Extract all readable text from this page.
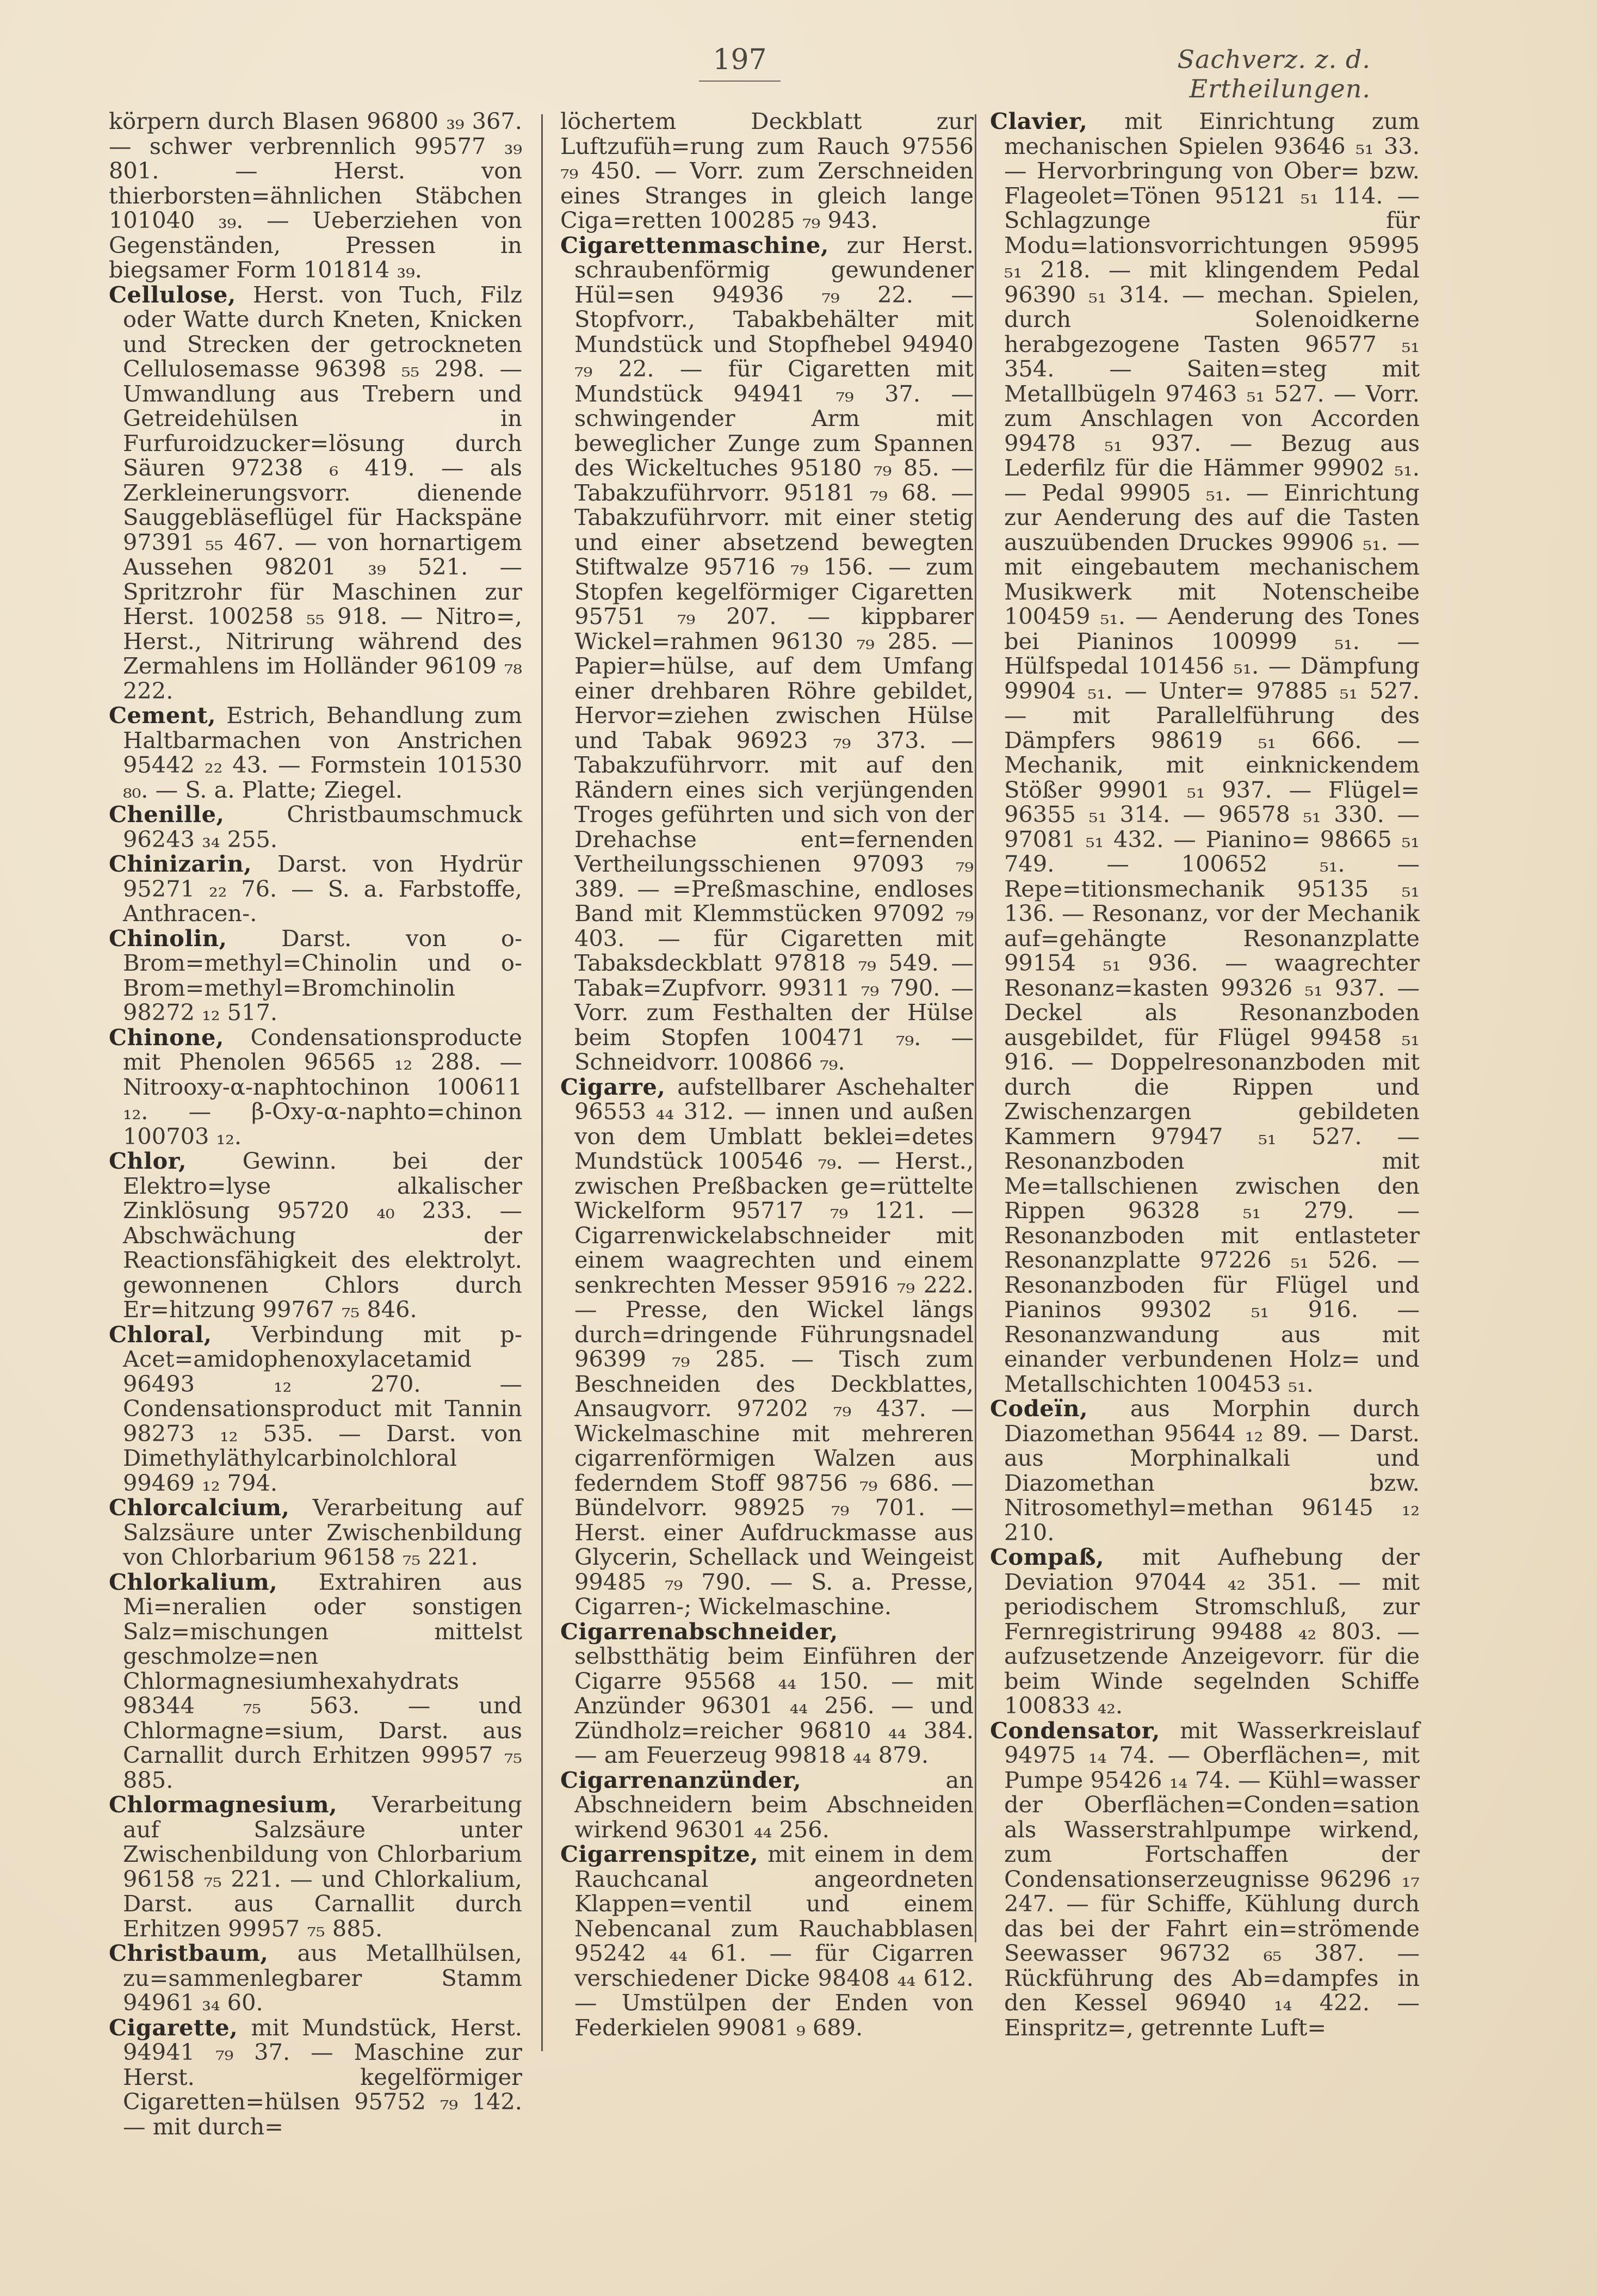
197	Sachverz. z. d. Ertheilungen.

körpern durch Blasen 96800 ₃₉ 367. — schwer verbrennlich 99577 ₃₉ 801. — Herst. von thierborsten=ähnlichen Stäbchen 101040 ₃₉. — Ueberziehen von Gegenständen, Pressen in biegsamer Form 101814 ₃₉.

Cellulose, Herst. von Tuch, Filz oder Watte durch Kneten, Knicken und Strecken der getrockneten Cellulosemasse 96398 ₅₅ 298. — Umwandlung aus Trebern und Getreidehülsen in Furfuroidzucker=lösung durch Säuren 97238 ₆ 419. — als Zerkleinerungsvorr. dienende Sauggebläseflügel für Hackspäne 97391 ₅₅ 467. — von hornartigem Aussehen 98201 ₃₉ 521. — Spritzrohr für Maschinen zur Herst. 100258 ₅₅ 918. — Nitro=, Herst., Nitrirung während des Zermahlens im Holländer 96109 ₇₈ 222.

Cement, Estrich, Behandlung zum Haltbarmachen von Anstrichen 95442 ₂₂ 43. — Formstein 101530 ₈₀. — S. a. Platte; Ziegel.

Chenille, Christbaumschmuck 96243 ₃₄ 255.

Chinizarin, Darst. von Hydrür 95271 ₂₂ 76. — S. a. Farbstoffe, Anthracen-.

Chinolin, Darst. von o-Brom=methyl=Chinolin und o-Brom=methyl=Bromchinolin 98272 ₁₂ 517.

Chinone, Condensationsproducte mit Phenolen 96565 ₁₂ 288. — Nitrooxy-α-naphtochinon 100611 ₁₂. — β-Oxy-α-naphto=chinon 100703 ₁₂.

Chlor, Gewinn. bei der Elektro=lyse alkalischer Zinklösung 95720 ₄₀ 233. — Abschwächung der Reactionsfähigkeit des elektrolyt. gewonnenen Chlors durch Er=hitzung 99767 ₇₅ 846.

Chloral, Verbindung mit p-Acet=amidophenoxylacetamid 96493 ₁₂ 270. — Condensationsproduct mit Tannin 98273 ₁₂ 535. — Darst. von Dimethyläthylcarbinolchloral 99469 ₁₂ 794.

Chlorcalcium, Verarbeitung auf Salzsäure unter Zwischenbildung von Chlorbarium 96158 ₇₅ 221.

Chlorkalium, Extrahiren aus Mi=neralien oder sonstigen Salz=mischungen mittelst geschmolze=nen Chlormagnesiumhexahydrats 98344 ₇₅ 563. — und Chlormagne=sium, Darst. aus Carnallit durch Erhitzen 99957 ₇₅ 885.

Chlormagnesium, Verarbeitung auf Salzsäure unter Zwischenbildung von Chlorbarium 96158 ₇₅ 221. — und Chlorkalium, Darst. aus Carnallit durch Erhitzen 99957 ₇₅ 885.

Christbaum, aus Metallhülsen, zu=sammenlegbarer Stamm 94961 ₃₄ 60.

Cigarette, mit Mundstück, Herst. 94941 ₇₉ 37. — Maschine zur Herst. kegelförmiger Cigaretten=hülsen 95752 ₇₉ 142. — mit durch=

löchertem Deckblatt zur Luftzufüh=rung zum Rauch 97556 ₇₉ 450. — Vorr. zum Zerschneiden eines Stranges in gleich lange Ciga=retten 100285 ₇₉ 943.

Cigarettenmaschine, zur Herst. schraubenförmig gewundener Hül=sen 94936 ₇₉ 22. — Stopfvorr., Tabakbehälter mit Mundstück und Stopfhebel 94940 ₇₉ 22. — für Cigaretten mit Mundstück 94941 ₇₉ 37. — schwingender Arm mit beweglicher Zunge zum Spannen des Wickeltuches 95180 ₇₉ 85. — Tabakzuführvorr. 95181 ₇₉ 68. — Tabakzuführvorr. mit einer stetig und einer absetzend bewegten Stiftwalze 95716 ₇₉ 156. — zum Stopfen kegelförmiger Cigaretten 95751 ₇₉ 207. — kippbarer Wickel=rahmen 96130 ₇₉ 285. — Papier=hülse, auf dem Umfang einer drehbaren Röhre gebildet, Hervor=ziehen zwischen Hülse und Tabak 96923 ₇₉ 373. — Tabakzuführvorr. mit auf den Rändern eines sich verjüngenden Troges geführten und sich von der Drehachse ent=fernenden Vertheilungsschienen 97093 ₇₉ 389. — =Preßmaschine, endloses Band mit Klemmstücken 97092 ₇₉ 403. — für Cigaretten mit Tabaksdeckblatt 97818 ₇₉ 549. — Tabak=Zupfvorr. 99311 ₇₉ 790. — Vorr. zum Festhalten der Hülse beim Stopfen 100471 ₇₉. — Schneidvorr. 100866 ₇₉.

Cigarre, aufstellbarer Aschehalter 96553 ₄₄ 312. — innen und außen von dem Umblatt beklei=detes Mundstück 100546 ₇₉. — Herst., zwischen Preßbacken ge=rüttelte Wickelform 95717 ₇₉ 121. — Cigarrenwickelabschneider mit einem waagrechten und einem senkrechten Messer 95916 ₇₉ 222. — Presse, den Wickel längs durch=dringende Führungsnadel 96399 ₇₉ 285. — Tisch zum Beschneiden des Deckblattes, Ansaugvorr. 97202 ₇₉ 437. — Wickelmaschine mit mehreren cigarrenförmigen Walzen aus federndem Stoff 98756 ₇₉ 686. — Bündelvorr. 98925 ₇₉ 701. — Herst. einer Aufdruckmasse aus Glycerin, Schellack und Weingeist 99485 ₇₉ 790. — S. a. Presse, Cigarren-; Wickelmaschine.

Cigarrenabschneider, selbstthätig beim Einführen der Cigarre 95568 ₄₄ 150. — mit Anzünder 96301 ₄₄ 256. — und Zündholz=reicher 96810 ₄₄ 384. — am Feuerzeug 99818 ₄₄ 879.

Cigarrenanzünder, an Abschneidern beim Abschneiden wirkend 96301 ₄₄ 256.

Cigarrenspitze, mit einem in dem Rauchcanal angeordneten Klappen=ventil und einem Nebencanal zum Rauchabblasen 95242 ₄₄ 61. — für Cigarren verschiedener Dicke 98408 ₄₄ 612. — Umstülpen der Enden von Federkielen 99081 ₉ 689.

Clavier, mit Einrichtung zum mechanischen Spielen 93646 ₅₁ 33. — Hervorbringung von Ober= bzw. Flageolet=Tönen 95121 ₅₁ 114. — Schlagzunge für Modu=lationsvorrichtungen 95995 ₅₁ 218. — mit klingendem Pedal 96390 ₅₁ 314. — mechan. Spielen, durch Solenoidkerne herabgezogene Tasten 96577 ₅₁ 354. — Saiten=steg mit Metallbügeln 97463 ₅₁ 527. — Vorr. zum Anschlagen von Accorden 99478 ₅₁ 937. — Bezug aus Lederfilz für die Hämmer 99902 ₅₁. — Pedal 99905 ₅₁. — Einrichtung zur Aenderung des auf die Tasten auszuübenden Druckes 99906 ₅₁. — mit eingebautem mechanischem Musikwerk mit Notenscheibe 100459 ₅₁. — Aenderung des Tones bei Pianinos 100999 ₅₁. — Hülfspedal 101456 ₅₁. — Dämpfung 99904 ₅₁. — Unter= 97885 ₅₁ 527. — mit Parallelführung des Dämpfers 98619 ₅₁ 666. — Mechanik, mit einknickendem Stößer 99901 ₅₁ 937. — Flügel= 96355 ₅₁ 314. — 96578 ₅₁ 330. — 97081 ₅₁ 432. — Pianino= 98665 ₅₁ 749. — 100652 ₅₁. — Repe=titionsmechanik 95135 ₅₁ 136. — Resonanz, vor der Mechanik auf=gehängte Resonanzplatte 99154 ₅₁ 936. — waagrechter Resonanz=kasten 99326 ₅₁ 937. — Deckel als Resonanzboden ausgebildet, für Flügel 99458 ₅₁ 916. — Doppelresonanzboden mit durch die Rippen und Zwischenzargen gebildeten Kammern 97947 ₅₁ 527. — Resonanzboden mit Me=tallschienen zwischen den Rippen 96328 ₅₁ 279. — Resonanzboden mit entlasteter Resonanzplatte 97226 ₅₁ 526. — Resonanzboden für Flügel und Pianinos 99302 ₅₁ 916. — Resonanzwandung aus mit einander verbundenen Holz= und Metallschichten 100453 ₅₁.

Codeïn, aus Morphin durch Diazomethan 95644 ₁₂ 89. — Darst. aus Morphinalkali und Diazomethan bzw. Nitrosomethyl=methan 96145 ₁₂ 210.

Compaß, mit Aufhebung der Deviation 97044 ₄₂ 351. — mit periodischem Stromschluß, zur Fernregistrirung 99488 ₄₂ 803. — aufzusetzende Anzeigevorr. für die beim Winde segelnden Schiffe 100833 ₄₂.

Condensator, mit Wasserkreislauf 94975 ₁₄ 74. — Oberflächen=, mit Pumpe 95426 ₁₄ 74. — Kühl=wasser der Oberflächen=Conden=sation als Wasserstrahlpumpe wirkend, zum Fortschaffen der Condensationserzeugnisse 96296 ₁₇ 247. — für Schiffe, Kühlung durch das bei der Fahrt ein=strömende Seewasser 96732 ₆₅ 387. — Rückführung des Ab=dampfes in den Kessel 96940 ₁₄ 422. — Einspritz=, getrennte Luft=
